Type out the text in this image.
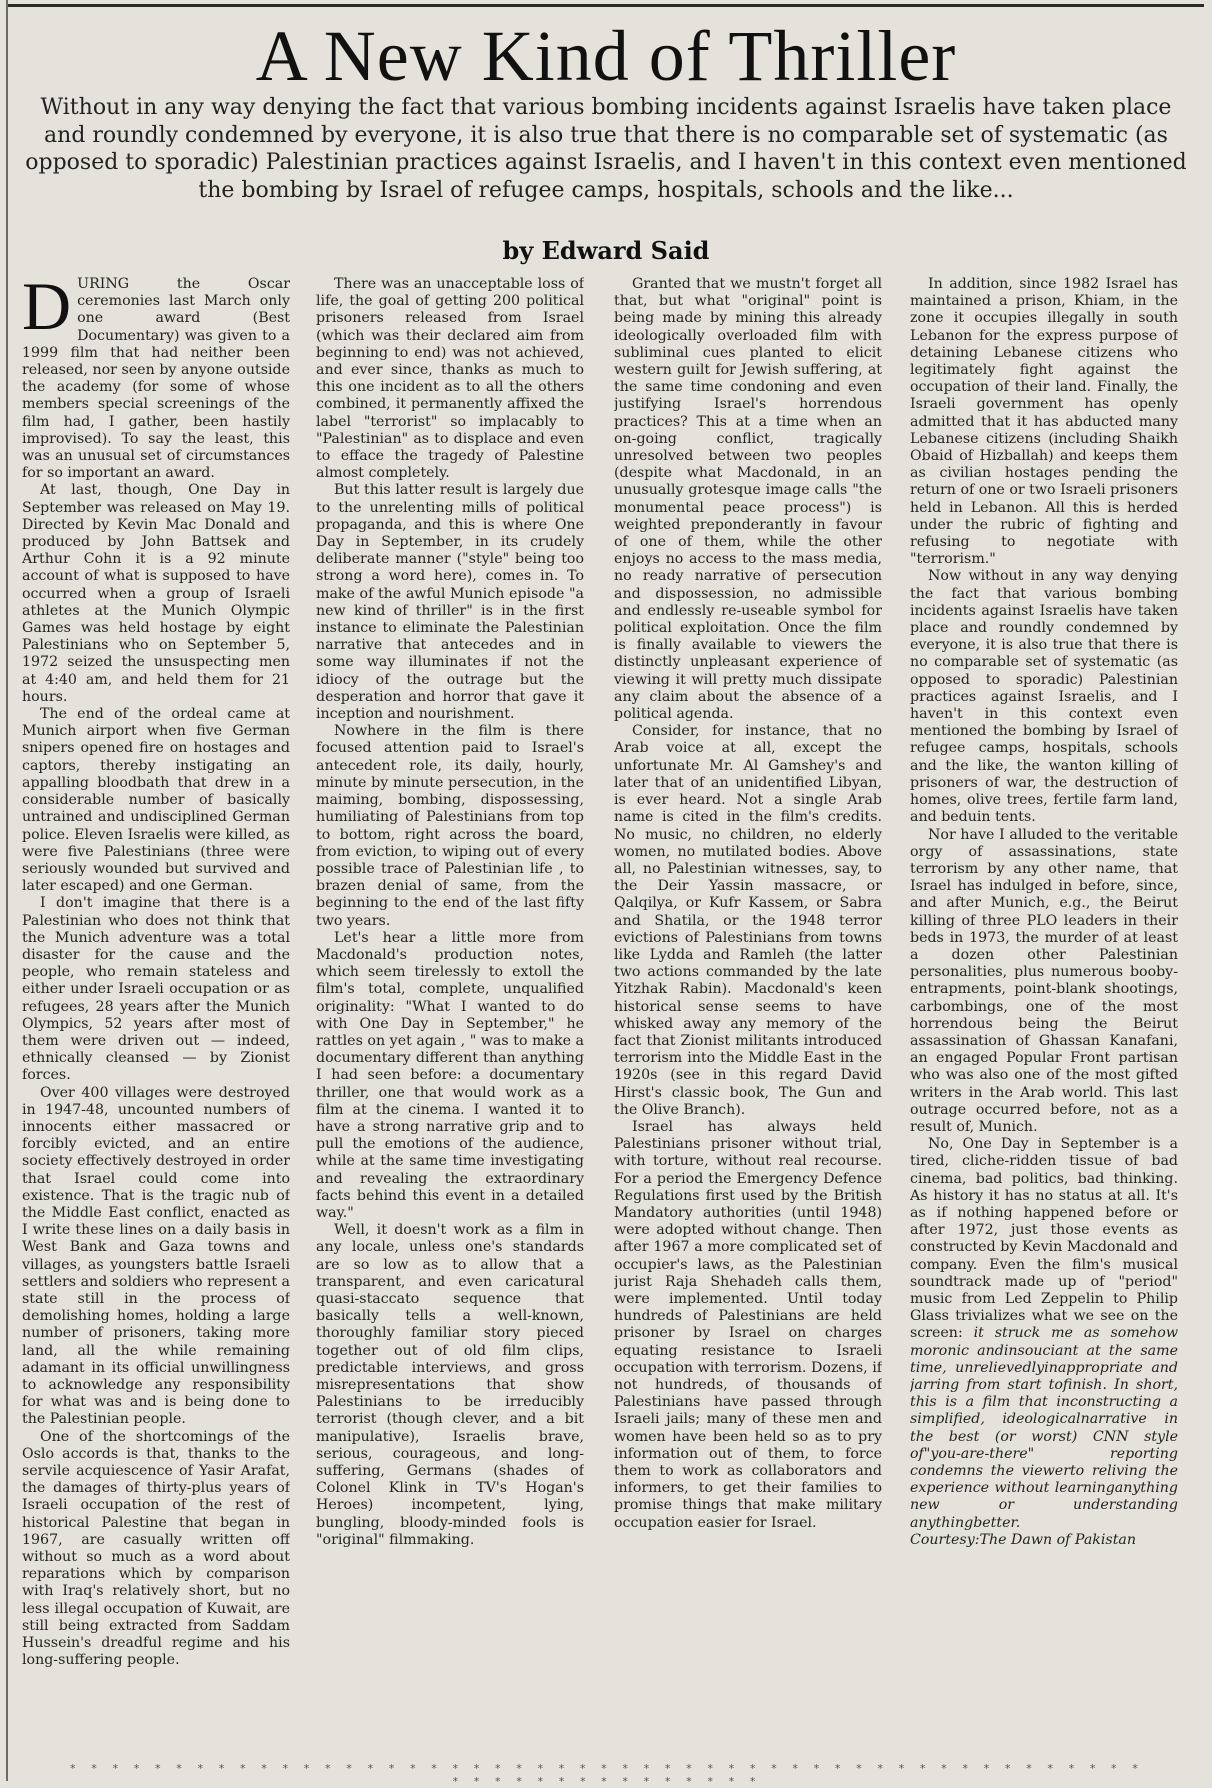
A New Kind of Thriller

Without in any way denying the fact that various bombing incidents against Israelis have taken place and roundly condemned by everyone, it is also true that there is no comparable set of systematic (as opposed to sporadic) Palestinian practices against Israelis, and I haven't in this context even mentioned the bombing by Israel of refugee camps, hospitals, schools and the like...

by Edward Said

DURING the Oscar ceremonies last March only one award (Best Documentary) was given to a 1999 film that had neither been released, nor seen by anyone outside the academy (for some of whose members special screenings of the film had, I gather, been hastily improvised). To say the least, this was an unusual set of circumstances for so important an award.

At last, though, One Day in September was released on May 19. Directed by Kevin Mac Donald and produced by John Battsek and Arthur Cohn it is a 92 minute account of what is supposed to have occurred when a group of Israeli athletes at the Munich Olympic Games was held hostage by eight Palestinians who on September 5, 1972 seized the unsuspecting men at 4:40 am, and held them for 21 hours.

The end of the ordeal came at Munich airport when five German snipers opened fire on hostages and captors, thereby instigating an appalling bloodbath that drew in a considerable number of basically untrained and undisciplined German police. Eleven Israelis were killed, as were five Palestinians (three were seriously wounded but survived and later escaped) and one German.

I don't imagine that there is a Palestinian who does not think that the Munich adventure was a total disaster for the cause and the people, who remain stateless and either under Israeli occupation or as refugees, 28 years after the Munich Olympics, 52 years after most of them were driven out — indeed, ethnically cleansed — by Zionist forces.

Over 400 villages were destroyed in 1947-48, uncounted numbers of innocents either massacred or forcibly evicted, and an entire society effectively destroyed in order that Israel could come into existence. That is the tragic nub of the Middle East conflict, enacted as I write these lines on a daily basis in West Bank and Gaza towns and villages, as youngsters battle Israeli settlers and soldiers who represent a state still in the process of demolishing homes, holding a large number of prisoners, taking more land, all the while remaining adamant in its official unwillingness to acknowledge any responsibility for what was and is being done to the Palestinian people.

One of the shortcomings of the Oslo accords is that, thanks to the servile acquiescence of Yasir Arafat, the damages of thirty-plus years of Israeli occupation of the rest of historical Palestine that began in 1967, are casually written off without so much as a word about reparations which by comparison with Iraq's relatively short, but no less illegal occupation of Kuwait, are still being extracted from Saddam Hussein's dreadful regime and his long-suffering people.

There was an unacceptable loss of life, the goal of getting 200 political prisoners released from Israel (which was their declared aim from beginning to end) was not achieved, and ever since, thanks as much to this one incident as to all the others combined, it permanently affixed the label "terrorist" so implacably to "Palestinian" as to displace and even to efface the tragedy of Palestine almost completely.

But this latter result is largely due to the unrelenting mills of political propaganda, and this is where One Day in September, in its crudely deliberate manner ("style" being too strong a word here), comes in. To make of the awful Munich episode "a new kind of thriller" is in the first instance to eliminate the Palestinian narrative that antecedes and in some way illuminates if not the idiocy of the outrage but the desperation and horror that gave it inception and nourishment.

Nowhere in the film is there focused attention paid to Israel's antecedent role, its daily, hourly, minute by minute persecution, in the maiming, bombing, dispossessing, humiliating of Palestinians from top to bottom, right across the board, from eviction, to wiping out of every possible trace of Palestinian life , to brazen denial of same, from the beginning to the end of the last fifty two years.

Let's hear a little more from Macdonald's production notes, which seem tirelessly to extoll the film's total, complete, unqualified originality: "What I wanted to do with One Day in September," he rattles on yet again , " was to make a documentary different than anything I had seen before: a documentary thriller, one that would work as a film at the cinema. I wanted it to have a strong narrative grip and to pull the emotions of the audience, while at the same time investigating and revealing the extraordinary facts behind this event in a detailed way."

Well, it doesn't work as a film in any locale, unless one's standards are so low as to allow that a transparent, and even caricatural quasi-staccato sequence that basically tells a well-known, thoroughly familiar story pieced together out of old film clips, predictable interviews, and gross misrepresentations that show Palestinians to be irreducibly terrorist (though clever, and a bit manipulative), Israelis brave, serious, courageous, and long-suffering, Germans (shades of Colonel Klink in TV's Hogan's Heroes) incompetent, lying, bungling, bloody-minded fools is "original" filmmaking.

Granted that we mustn't forget all that, but what "original" point is being made by mining this already ideologically overloaded film with subliminal cues planted to elicit western guilt for Jewish suffering, at the same time condoning and even justifying Israel's horrendous practices? This at a time when an on-going conflict, tragically unresolved between two peoples (despite what Macdonald, in an unusually grotesque image calls "the monumental peace process") is weighted preponderantly in favour of one of them, while the other enjoys no access to the mass media, no ready narrative of persecution and dispossession, no admissible and endlessly re-useable symbol for political exploitation. Once the film is finally available to viewers the distinctly unpleasant experience of viewing it will pretty much dissipate any claim about the absence of a political agenda.

Consider, for instance, that no Arab voice at all, except the unfortunate Mr. Al Gamshey's and later that of an unidentified Libyan, is ever heard. Not a single Arab name is cited in the film's credits. No music, no children, no elderly women, no mutilated bodies. Above all, no Palestinian witnesses, say, to the Deir Yassin massacre, or Qalqilya, or Kufr Kassem, or Sabra and Shatila, or the 1948 terror evictions of Palestinians from towns like Lydda and Ramleh (the latter two actions commanded by the late Yitzhak Rabin). Macdonald's keen historical sense seems to have whisked away any memory of the fact that Zionist militants introduced terrorism into the Middle East in the 1920s (see in this regard David Hirst's classic book, The Gun and the Olive Branch).

Israel has always held Palestinians prisoner without trial, with torture, without real recourse. For a period the Emergency Defence Regulations first used by the British Mandatory authorities (until 1948) were adopted without change. Then after 1967 a more complicated set of occupier's laws, as the Palestinian jurist Raja Shehadeh calls them, were implemented. Until today hundreds of Palestinians are held prisoner by Israel on charges equating resistance to Israeli occupation with terrorism. Dozens, if not hundreds, of thousands of Palestinians have passed through Israeli jails; many of these men and women have been held so as to pry information out of them, to force them to work as collaborators and informers, to get their families to promise things that make military occupation easier for Israel.

In addition, since 1982 Israel has maintained a prison, Khiam, in the zone it occupies illegally in south Lebanon for the express purpose of detaining Lebanese citizens who legitimately fight against the occupation of their land. Finally, the Israeli government has openly admitted that it has abducted many Lebanese citizens (including Shaikh Obaid of Hizballah) and keeps them as civilian hostages pending the return of one or two Israeli prisoners held in Lebanon. All this is herded under the rubric of fighting and refusing to negotiate with "terrorism."

Now without in any way denying the fact that various bombing incidents against Israelis have taken place and roundly condemned by everyone, it is also true that there is no comparable set of systematic (as opposed to sporadic) Palestinian practices against Israelis, and I haven't in this context even mentioned the bombing by Israel of refugee camps, hospitals, schools and the like, the wanton killing of prisoners of war, the destruction of homes, olive trees, fertile farm land, and beduin tents.

Nor have I alluded to the veritable orgy of assassinations, state terrorism by any other name, that Israel has indulged in before, since, and after Munich, e.g., the Beirut killing of three PLO leaders in their beds in 1973, the murder of at least a dozen other Palestinian personalities, plus numerous booby-entrapments, point-blank shootings, carbombings, one of the most horrendous being the Beirut assassination of Ghassan Kanafani, an engaged Popular Front partisan who was also one of the most gifted writers in the Arab world. This last outrage occurred before, not as a result of, Munich.

No, One Day in September is a tired, cliche-ridden tissue of bad cinema, bad politics, bad thinking. As history it has no status at all. It's as if nothing happened before or after 1972, just those events as constructed by Kevin Macdonald and company. Even the film's musical soundtrack made up of "period" music from Led Zeppelin to Philip Glass trivializes what we see on the screen: it struck me as somehow moronic andinsouciant at the same time, unrelievedlyinappropriate and jarring from start tofinish. In short, this is a film that inconstructing a simplified, ideologicalnarrative in the best (or worst) CNN style of"you-are-there" reporting condemns the viewerto reliving the experience without learninganything new or understanding anythingbetter.

Courtesy:The Dawn of Pakistan

* * * * * * * * * * * * * * * * * * * * * * * * * * * * * * * * * * * * * * * * * * * * * * * * * * * * * * * * * * * * * * * * * *
